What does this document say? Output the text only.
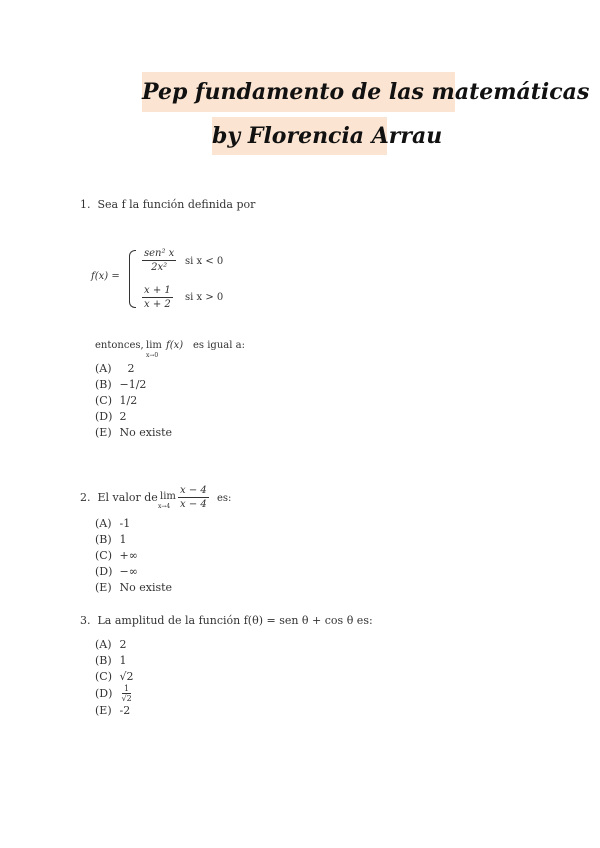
Pep fundamento de las matemáticas
by Florencia Arrau
1. Sea f la función definida por
f(x) =
$\frac{\text{sen² x}}{\text{2x²}}$ si x < 0
$\frac{x + 1}{x + 2}$ si x > 0
entonces, lim
x→0
f(x) es igual a:
(A) 2
(B) −1/2
(C) 1/2
(D) 2
(E) No existe
2. El valor de lim
$x\to 4 \frac{x - 4}{x - 4}$ es:
(A) -1
(B) 1
(C) +∞
(D) −∞
(E) No existe
3. La amplitud de la función f(θ) = sen θ + cos θ es:
(A) 2
(B) 1
(C) √2
$(D) \frac{1}{√2}$
(E) -2
